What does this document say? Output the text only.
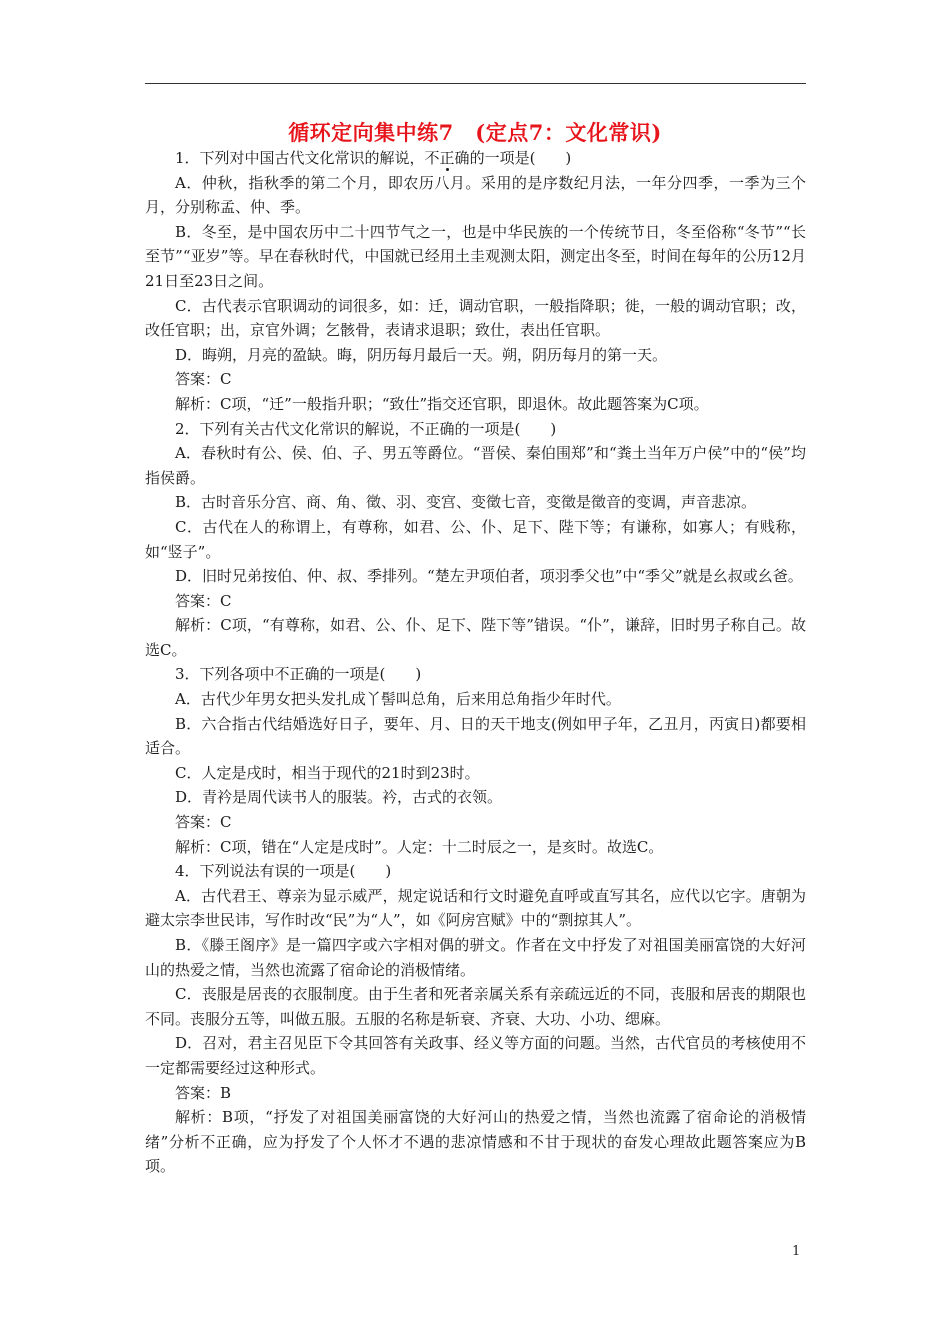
循环定向集中练7　(定点7：文化常识)

1．下列对中国古代文化常识的解说，不正确的一项是(　　)

A．仲秋，指秋季的第二个月，即农历八月。采用的是序数纪月法，一年分四季，一季为三个月，分别称孟、仲、季。

B．冬至，是中国农历中二十四节气之一，也是中华民族的一个传统节日，冬至俗称“冬节”“长至节”“亚岁”等。早在春秋时代，中国就已经用土圭观测太阳，测定出冬至，时间在每年的公历12月21日至23日之间。

C．古代表示官职调动的词很多，如：迁，调动官职，一般指降职；徙，一般的调动官职；改，改任官职；出，京官外调；乞骸骨，表请求退职；致仕，表出任官职。

D．晦朔，月亮的盈缺。晦，阴历每月最后一天。朔，阴历每月的第一天。

答案：C

解析：C项，“迁”一般指升职；“致仕”指交还官职，即退休。故此题答案为C项。

2．下列有关古代文化常识的解说，不正确的一项是(　　)

A．春秋时有公、侯、伯、子、男五等爵位。“晋侯、秦伯围郑”和“粪土当年万户侯”中的“侯”均指侯爵。

B．古时音乐分宫、商、角、徵、羽、变宫、变徵七音，变徵是徵音的变调，声音悲凉。

C．古代在人的称谓上，有尊称，如君、公、仆、足下、陛下等；有谦称，如寡人；有贱称，如“竖子”。

D．旧时兄弟按伯、仲、叔、季排列。“楚左尹项伯者，项羽季父也”中“季父”就是幺叔或幺爸。

答案：C

解析：C项，“有尊称，如君、公、仆、足下、陛下等”错误。“仆”，谦辞，旧时男子称自己。故选C。

3．下列各项中不正确的一项是(　　)

A．古代少年男女把头发扎成丫髻叫总角，后来用总角指少年时代。

B．六合指古代结婚选好日子，要年、月、日的天干地支(例如甲子年，乙丑月，丙寅日)都要相适合。

C．人定是戌时，相当于现代的21时到23时。

D．青衿是周代读书人的服装。衿，古式的衣领。

答案：C

解析：C项，错在“人定是戌时”。人定：十二时辰之一，是亥时。故选C。

4．下列说法有误的一项是(　　)

A．古代君王、尊亲为显示威严，规定说话和行文时避免直呼或直写其名，应代以它字。唐朝为避太宗李世民讳，写作时改“民”为“人”，如《阿房宫赋》中的“剽掠其人”。

B．《滕王阁序》是一篇四字或六字相对偶的骈文。作者在文中抒发了对祖国美丽富饶的大好河山的热爱之情，当然也流露了宿命论的消极情绪。

C．丧服是居丧的衣服制度。由于生者和死者亲属关系有亲疏远近的不同，丧服和居丧的期限也不同。丧服分五等，叫做五服。五服的名称是斩衰、齐衰、大功、小功、缌麻。

D．召对，君主召见臣下令其回答有关政事、经义等方面的问题。当然，古代官员的考核使用不一定都需要经过这种形式。

答案：B

解析：B项，“抒发了对祖国美丽富饶的大好河山的热爱之情，当然也流露了宿命论的消极情绪”分析不正确，应为抒发了个人怀才不遇的悲凉情感和不甘于现状的奋发心理故此题答案应为B项。

1
